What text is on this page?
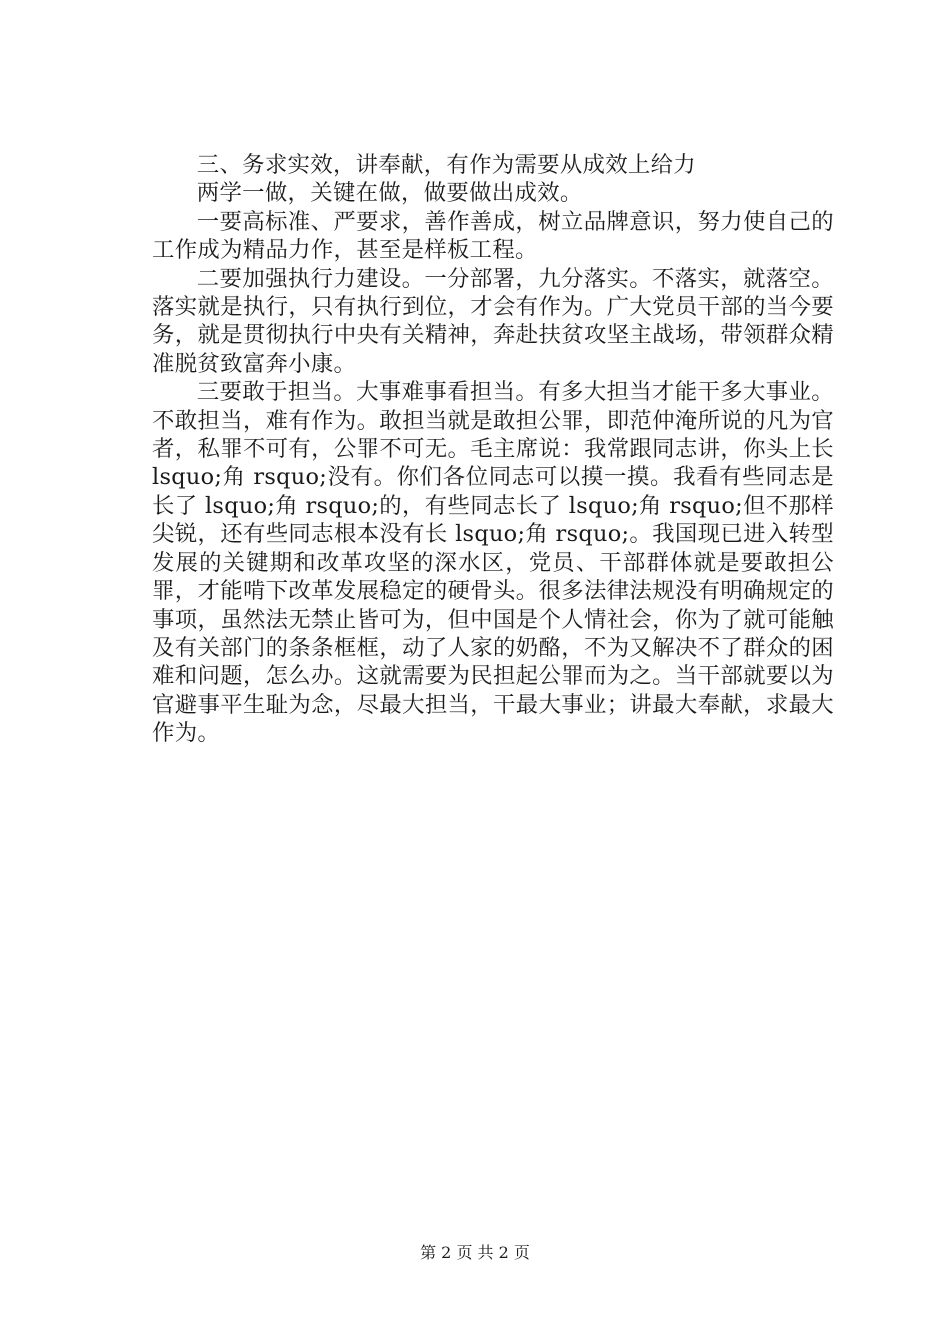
三、务求实效，讲奉献，有作为需要从成效上给力

两学一做，关键在做，做要做出成效。

一要高标准、严要求，善作善成，树立品牌意识，努力使自己的工作成为精品力作，甚至是样板工程。

二要加强执行力建设。一分部署，九分落实。不落实，就落空。落实就是执行，只有执行到位，才会有作为。广大党员干部的当今要务，就是贯彻执行中央有关精神，奔赴扶贫攻坚主战场，带领群众精准脱贫致富奔小康。

三要敢于担当。大事难事看担当。有多大担当才能干多大事业。不敢担当，难有作为。敢担当就是敢担公罪，即范仲淹所说的凡为官者，私罪不可有，公罪不可无。毛主席说：我常跟同志讲，你头上长 lsquo;角 rsquo;没有。你们各位同志可以摸一摸。我看有些同志是长了 lsquo;角 rsquo;的，有些同志长了 lsquo;角 rsquo;但不那样尖锐，还有些同志根本没有长 lsquo;角 rsquo;。我国现已进入转型发展的关键期和改革攻坚的深水区，党员、干部群体就是要敢担公罪，才能啃下改革发展稳定的硬骨头。很多法律法规没有明确规定的事项，虽然法无禁止皆可为，但中国是个人情社会，你为了就可能触及有关部门的条条框框，动了人家的奶酪，不为又解决不了群众的困难和问题，怎么办。这就需要为民担起公罪而为之。当干部就要以为官避事平生耻为念，尽最大担当，干最大事业；讲最大奉献，求最大作为。

第 2 页 共 2 页
